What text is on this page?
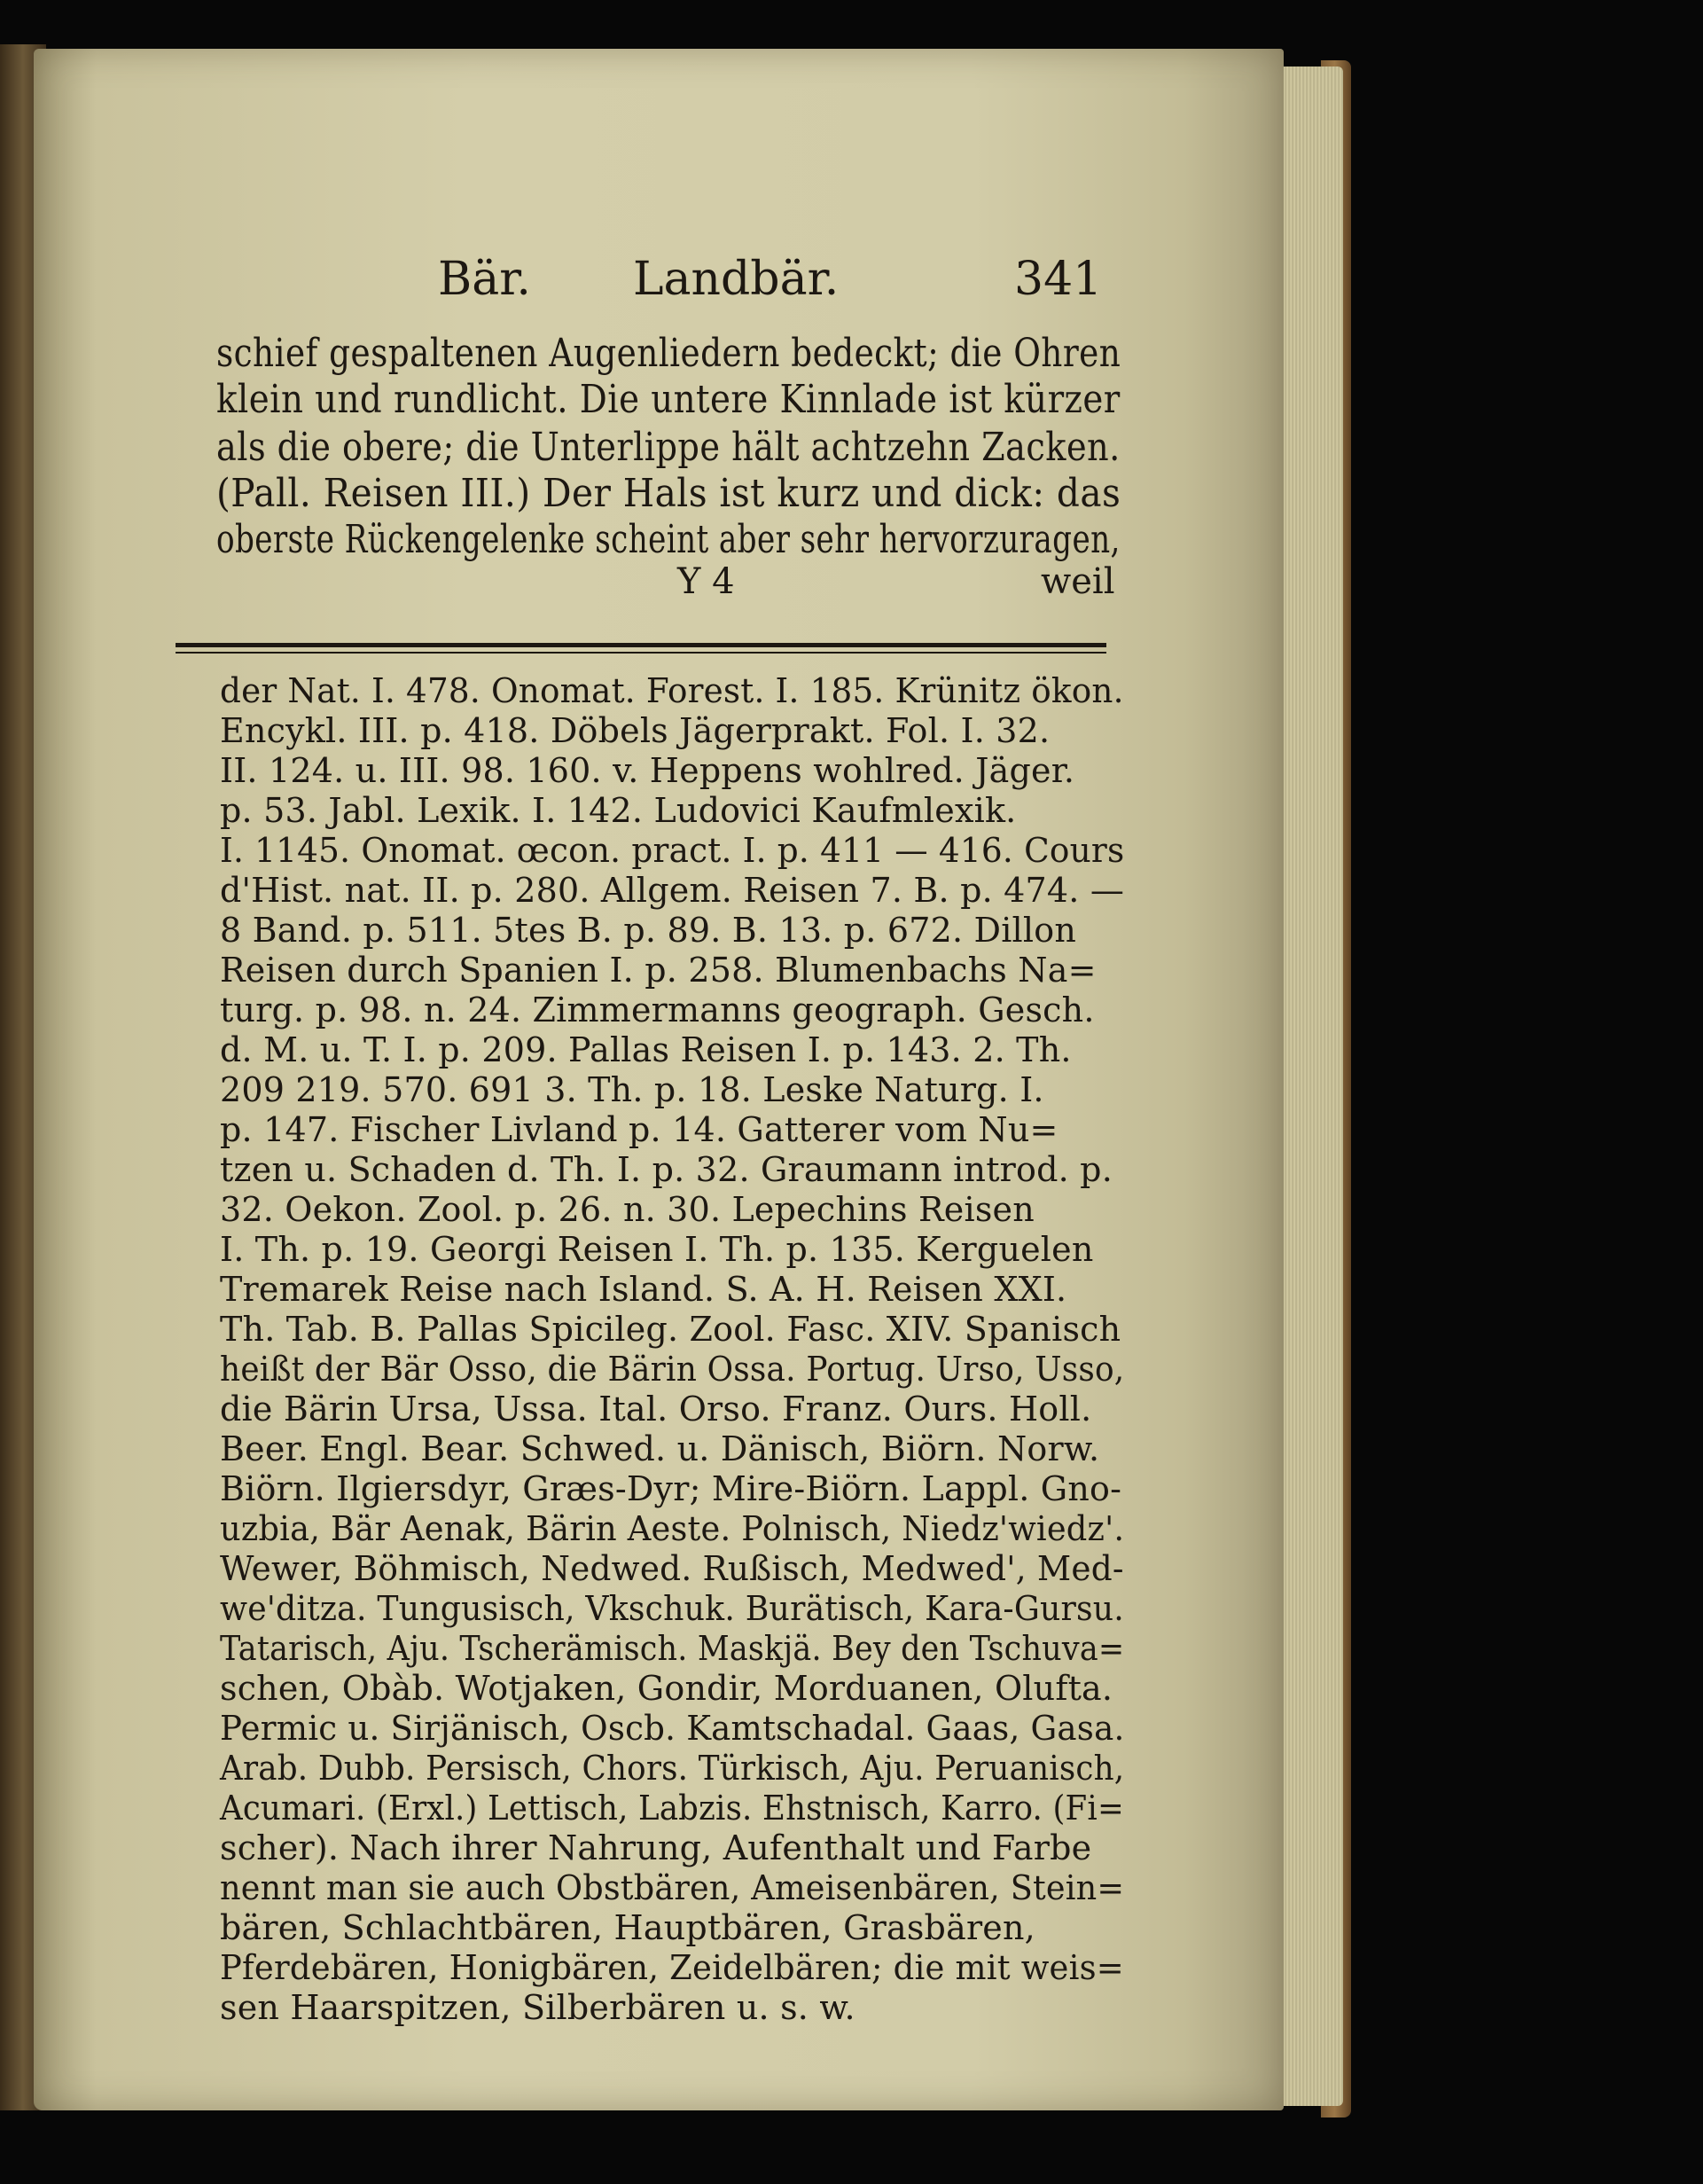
Bär. Landbär.	341
schief gespaltenen Augenliedern bedeckt; die Ohren
klein und rundlicht. Die untere Kinnlade ist kürzer
als die obere; die Unterlippe hält achtzehn Zacken.
(Pall. Reisen III.) Der Hals ist kurz und dick: das
oberste Rückengelenke scheint aber sehr hervorzuragen,
Y 4	weil
der Nat. I. 478. Onomat. Forest. I. 185. Krünitz ökon.
Encykl. III. p. 418. Döbels Jägerprakt. Fol. I. 32.
II. 124. u. III. 98. 160. v. Heppens wohlred. Jäger.
p. 53. Jabl. Lexik. I. 142. Ludovici Kaufmlexik.
I. 1145. Onomat. œcon. pract. I. p. 411 — 416. Cours
d'Hist. nat. II. p. 280. Allgem. Reisen 7. B. p. 474. —
8 Band. p. 511. 5tes B. p. 89. B. 13. p. 672. Dillon
Reisen durch Spanien I. p. 258. Blumenbachs Na=
turg. p. 98. n. 24. Zimmermanns geograph. Gesch.
d. M. u. T. I. p. 209. Pallas Reisen I. p. 143. 2. Th.
209 219. 570. 691 3. Th. p. 18. Leske Naturg. I.
p. 147. Fischer Livland p. 14. Gatterer vom Nu=
tzen u. Schaden d. Th. I. p. 32. Graumann introd. p.
32. Oekon. Zool. p. 26. n. 30. Lepechins Reisen
I. Th. p. 19. Georgi Reisen I. Th. p. 135. Kerguelen
Tremarek Reise nach Island. S. A. H. Reisen XXI.
Th. Tab. B. Pallas Spicileg. Zool. Fasc. XIV. Spanisch
heißt der Bär Osso, die Bärin Ossa. Portug. Urso, Usso,
die Bärin Ursa, Ussa. Ital. Orso. Franz. Ours. Holl.
Beer. Engl. Bear. Schwed. u. Dänisch, Biörn. Norw.
Biörn. Ilgiersdyr, Græs-Dyr; Mire-Biörn. Lappl. Gno-
uzbia, Bär Aenak, Bärin Aeste. Polnisch, Niedz'wiedz'.
Wewer, Böhmisch, Nedwed. Rußisch, Medwed', Med-
we'ditza. Tungusisch, Vkschuk. Burätisch, Kara-Gursu.
Tatarisch, Aju. Tscherämisch. Maskjä. Bey den Tschuva=
schen, Obàb. Wotjaken, Gondir, Morduanen, Olufta.
Permic u. Sirjänisch, Oscb. Kamtschadal. Gaas, Gasa.
Arab. Dubb. Persisch, Chors. Türkisch, Aju. Peruanisch,
Acumari. (Erxl.) Lettisch, Labzis. Ehstnisch, Karro. (Fi=
scher). Nach ihrer Nahrung, Aufenthalt und Farbe
nennt man sie auch Obstbären, Ameisenbären, Stein=
bären, Schlachtbären, Hauptbären, Grasbären,
Pferdebären, Honigbären, Zeidelbären; die mit weis=
sen Haarspitzen, Silberbären u. s. w.
